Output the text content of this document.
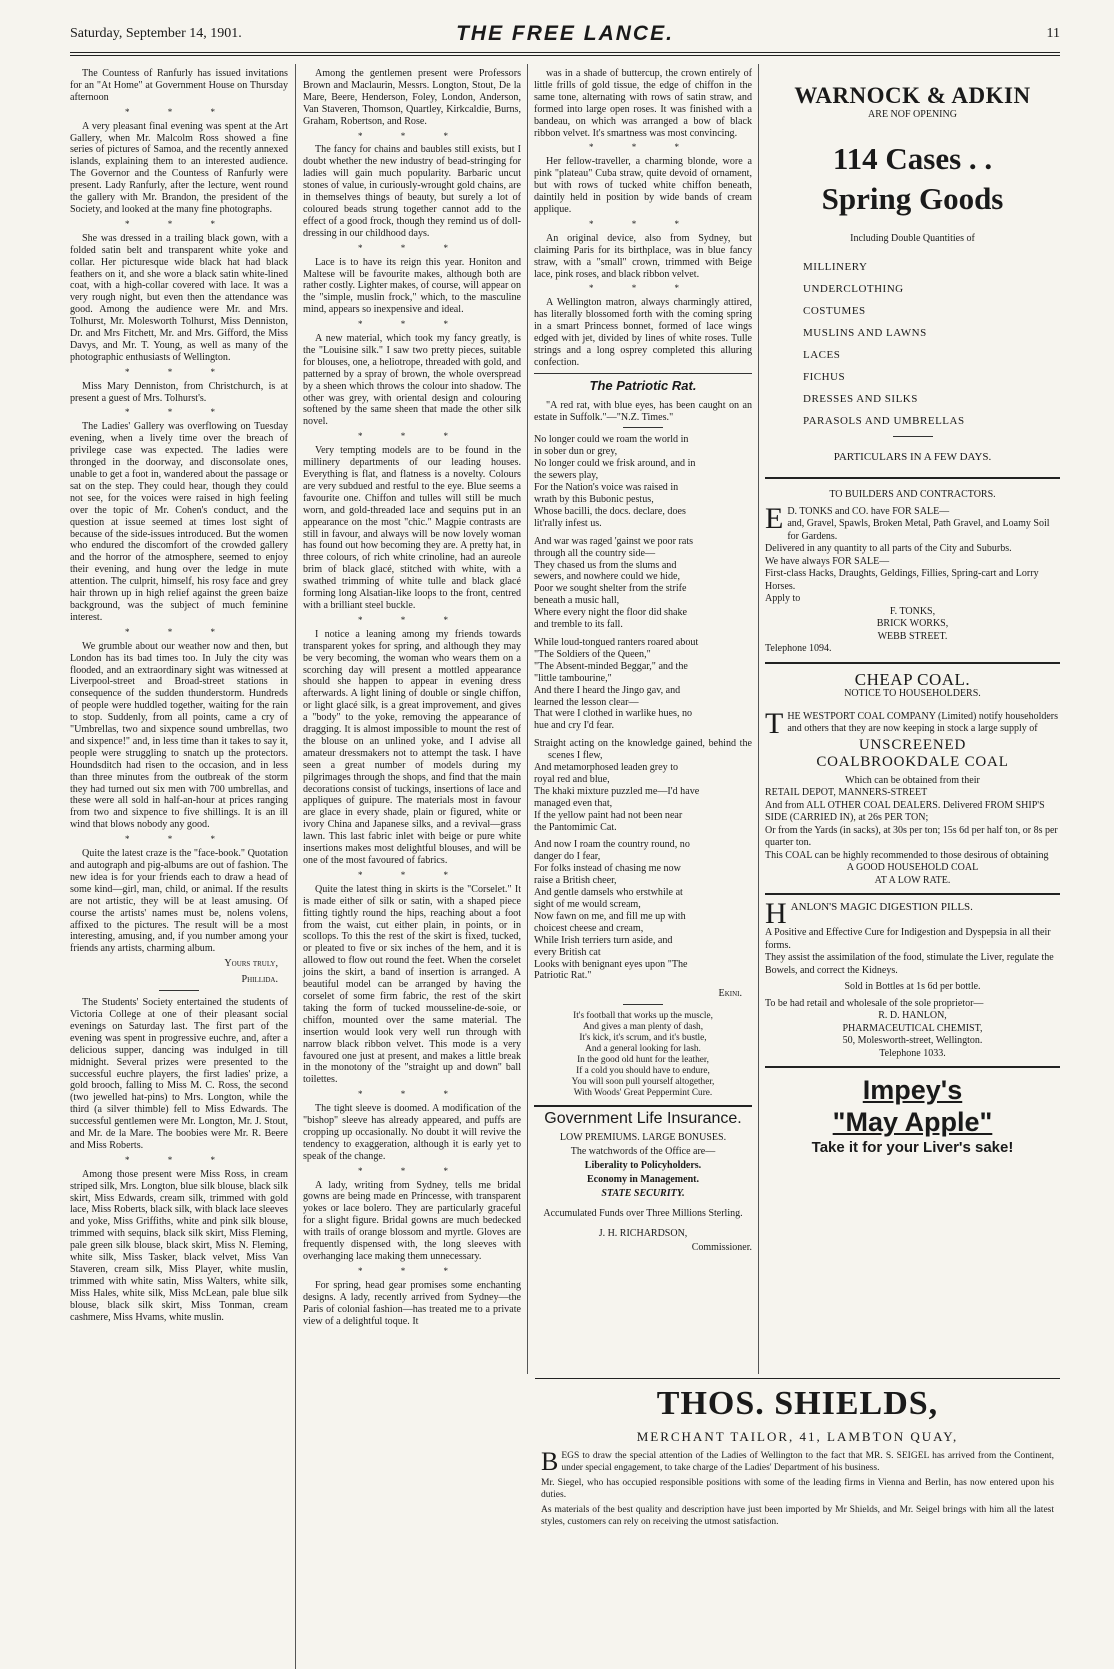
Saturday, September 14, 1901.	THE FREE LANCE.	11

The Countess of Ranfurly has issued invitations for an "At Home" at Government House on Thursday afternoon

* * *

A very pleasant final evening was spent at the Art Gallery, when Mr. Malcolm Ross showed a fine series of pictures of Samoa, and the recently annexed islands, explaining them to an interested audience. The Governor and the Countess of Ranfurly were present. Lady Ranfurly, after the lecture, went round the gallery with Mr. Brandon, the president of the Society, and looked at the many fine photographs.

* * *

She was dressed in a trailing black gown, with a folded satin belt and transparent white yoke and collar. Her picturesque wide black hat had black feathers on it, and she wore a black satin white-lined coat, with a high-collar covered with lace. It was a very rough night, but even then the attendance was good. Among the audience were Mr. and Mrs. Tolhurst, Mr. Molesworth Tolhurst, Miss Denniston, Dr. and Mrs Fitchett, Mr. and Mrs. Gifford, the Miss Davys, and Mr. T. Young, as well as many of the photographic enthusiasts of Wellington.

* * *

Miss Mary Denniston, from Christchurch, is at present a guest of Mrs. Tolhurst's.

* * *

The Ladies' Gallery was overflowing on Tuesday evening, when a lively time over the breach of privilege case was expected. The ladies were thronged in the doorway, and disconsolate ones, unable to get a foot in, wandered about the passage or sat on the step. They could hear, though they could not see, for the voices were raised in high feeling over the topic of Mr. Cohen's conduct, and the question at issue seemed at times lost sight of because of the side-issues introduced. But the women who endured the discomfort of the crowded gallery and the horror of the atmosphere, seemed to enjoy their evening, and hung over the ledge in mute attention. The culprit, himself, his rosy face and grey hair thrown up in high relief against the green baize background, was the subject of much feminine interest.

* * *

We grumble about our weather now and then, but London has its bad times too. In July the city was flooded, and an extraordinary sight was witnessed at Liverpool-street and Broad-street stations in consequence of the sudden thunderstorm. Hundreds of people were huddled together, waiting for the rain to stop. Suddenly, from all points, came a cry of "Umbrellas, two and sixpence sound umbrellas, two and sixpence!" and, in less time than it takes to say it, people were struggling to snatch up the protectors. Houndsditch had risen to the occasion, and in less than three minutes from the outbreak of the storm they had turned out six men with 700 umbrellas, and these were all sold in half-an-hour at prices ranging from two and sixpence to five shillings. It is an ill wind that blows nobody any good.

* * *

Quite the latest craze is the "face-book." Quotation and autograph and pig-albums are out of fashion. The new idea is for your friends each to draw a head of some kind—girl, man, child, or animal. If the results are not artistic, they will be at least amusing. Of course the artists' names must be, nolens volens, affixed to the pictures. The result will be a most interesting, amusing, and, if you number among your friends any artists, charming album.

Yours truly,
Phillida.

The Students' Society entertained the students of Victoria College at one of their pleasant social evenings on Saturday last. The first part of the evening was spent in progressive euchre, and, after a delicious supper, dancing was indulged in till midnight. Several prizes were presented to the successful euchre players, the first ladies' prize, a gold brooch, falling to Miss M. C. Ross, the second (two jewelled hat-pins) to Mrs. Longton, while the third (a silver thimble) fell to Miss Edwards. The successful gentlemen were Mr. Longton, Mr. J. Stout, and Mr. de la Mare. The boobies were Mr. R. Beere and Miss Roberts.

* * *

Among those present were Miss Ross, in cream striped silk, Mrs. Longton, blue silk blouse, black silk skirt, Miss Edwards, cream silk, trimmed with gold lace, Miss Roberts, black silk, with black lace sleeves and yoke, Miss Griffiths, white and pink silk blouse, trimmed with sequins, black silk skirt, Miss Fleming, pale green silk blouse, black skirt, Miss N. Fleming, white silk, Miss Tasker, black velvet, Miss Van Staveren, cream silk, Miss Player, white muslin, trimmed with white satin, Miss Walters, white silk, Miss Hales, white silk, Miss McLean, pale blue silk blouse, black silk skirt, Miss Tonman, cream cashmere, Miss Hvams, white muslin.

Among the gentlemen present were Professors Brown and Maclaurin, Messrs. Longton, Stout, De la Mare, Beere, Henderson, Foley, London, Anderson, Van Staveren, Thomson, Quartley, Kirkcaldie, Burns, Graham, Robertson, and Rose.

* * *

The fancy for chains and baubles still exists, but I doubt whether the new industry of bead-stringing for ladies will gain much popularity. Barbaric uncut stones of value, in curiously-wrought gold chains, are in themselves things of beauty, but surely a lot of coloured beads strung together cannot add to the effect of a good frock, though they remind us of doll-dressing in our childhood days.

* * *

Lace is to have its reign this year. Honiton and Maltese will be favourite makes, although both are rather costly. Lighter makes, of course, will appear on the "simple, muslin frock," which, to the masculine mind, appears so inexpensive and ideal.

* * *

A new material, which took my fancy greatly, is the "Louisine silk." I saw two pretty pieces, suitable for blouses, one, a heliotrope, threaded with gold, and patterned by a spray of brown, the whole overspread by a sheen which throws the colour into shadow. The other was grey, with oriental design and colouring softened by the same sheen that made the other silk novel.

* * *

Very tempting models are to be found in the millinery departments of our leading houses. Everything is flat, and flatness is a novelty. Colours are very subdued and restful to the eye. Blue seems a favourite one. Chiffon and tulles will still be much worn, and gold-threaded lace and sequins put in an appearance on the most "chic." Magpie contrasts are still in favour, and always will be now lovely woman has found out how becoming they are. A pretty hat, in three colours, of rich white crinoline, had an aureole brim of black glacé, stitched with white, with a swathed trimming of white tulle and black glacé forming long Alsatian-like loops to the front, centred with a brilliant steel buckle.

* * *

I notice a leaning among my friends towards transparent yokes for spring, and although they may be very becoming, the woman who wears them on a scorching day will present a mottled appearance should she happen to appear in evening dress afterwards. A light lining of double or single chiffon, or light glacé silk, is a great improvement, and gives a "body" to the yoke, removing the appearance of dragging. It is almost impossible to mount the rest of the blouse on an unlined yoke, and I advise all amateur dressmakers not to attempt the task. I have seen a great number of models during my pilgrimages through the shops, and find that the main decorations consist of tuckings, insertions of lace and appliques of guipure. The materials most in favour are glace in every shade, plain or figured, white or ivory China and Japanese silks, and a revival—grass lawn. This last fabric inlet with beige or pure white insertions makes most delightful blouses, and will be one of the most favoured of fabrics.

* * *

Quite the latest thing in skirts is the "Corselet." It is made either of silk or satin, with a shaped piece fitting tightly round the hips, reaching about a foot from the waist, cut either plain, in points, or in scollops. To this the rest of the skirt is fixed, tucked, or pleated to five or six inches of the hem, and it is allowed to flow out round the feet. When the corselet joins the skirt, a band of insertion is arranged. A beautiful model can be arranged by having the corselet of some firm fabric, the rest of the skirt taking the form of tucked mousseline-de-soie, or chiffon, mounted over the same material. The insertion would look very well run through with narrow black ribbon velvet. This mode is a very favoured one just at present, and makes a little break in the monotony of the "straight up and down" ball toilettes.

* * *

The tight sleeve is doomed. A modification of the "bishop" sleeve has already appeared, and puffs are cropping up occasionally. No doubt it will revive the tendency to exaggeration, although it is early yet to speak of the change.

* * *

A lady, writing from Sydney, tells me bridal gowns are being made en Princesse, with transparent yokes or lace bolero. They are particularly graceful for a slight figure. Bridal gowns are much bedecked with trails of orange blossom and myrtle. Gloves are frequently dispensed with, the long sleeves with overhanging lace making them unnecessary.

* * *

For spring, head gear promises some enchanting designs. A lady, recently arrived from Sydney—the Paris of colonial fashion—has treated me to a private view of a delightful toque. It

was in a shade of buttercup, the crown entirely of little frills of gold tissue, the edge of chiffon in the same tone, alternating with rows of satin straw, and formed into large open roses. It was finished with a bandeau, on which was arranged a bow of black ribbon velvet. It's smartness was most convincing.

* * *

Her fellow-traveller, a charming blonde, wore a pink "plateau" Cuba straw, quite devoid of ornament, but with rows of tucked white chiffon beneath, daintily held in position by wide bands of cream applique.

* * *

An original device, also from Sydney, but claiming Paris for its birthplace, was in blue fancy straw, with a "small" crown, trimmed with Beige lace, pink roses, and black ribbon velvet.

* * *

A Wellington matron, always charmingly attired, has literally blossomed forth with the coming spring in a smart Princess bonnet, formed of lace wings edged with jet, divided by lines of white roses. Tulle strings and a long osprey completed this alluring confection.

The Patriotic Rat.

"A red rat, with blue eyes, has been caught on an estate in Suffolk."—"N.Z. Times."

No longer could we roam the world in
in sober dun or grey,
No longer could we frisk around, and in
the sewers play,
For the Nation's voice was raised in
wrath by this Bubonic pestus,
Whose bacilli, the docs. declare, does
lit'rally infest us.
And war was raged 'gainst we poor rats
through all the country side—
They chased us from the slums and
sewers, and nowhere could we hide,
Poor we sought shelter from the strife
beneath a music hall,
Where every night the floor did shake
and tremble to its fall.
While loud-tongued ranters roared about
"The Soldiers of the Queen,"
"The Absent-minded Beggar," and the
"little tambourine,"
And there I heard the Jingo gav, and
learned the lesson clear—
That were I clothed in warlike hues, no
hue and cry I'd fear.
Straight acting on the knowledge gained, behind the scenes I flew,
And metamorphosed leaden grey to
royal red and blue,
The khaki mixture puzzled me—I'd have
managed even that,
If the yellow paint had not been near
the Pantomimic Cat.
And now I roam the country round, no
danger do I fear,
For folks instead of chasing me now
raise a British cheer,
And gentle damsels who erstwhile at
sight of me would scream,
Now fawn on me, and fill me up with
choicest cheese and cream,
While Irish terriers turn aside, and
every British cat
Looks with benignant eyes upon "The
Patriotic Rat."
Ekini.
It's football that works up the muscle,
And gives a man plenty of dash,
It's kick, it's scrum, and it's bustle,
And a general looking for lash.
In the good old hunt for the leather,
If a cold you should have to endure,
You will soon pull yourself altogether,
With Woods' Great Peppermint Cure.
Government Life Insurance.
LOW PREMIUMS. LARGE BONUSES.
The watchwords of the Office are—
Liberality to Policyholders.
Economy in Management.
STATE SECURITY.
Accumulated Funds over Three Millions Sterling.
J. H. RICHARDSON,
Commissioner.
WARNOCK & ADKIN
ARE NOF OPENING
114 Cases . .
Spring Goods
Including Double Quantities of
MILLINERY
UNDERCLOTHING
COSTUMES
MUSLINS AND LAWNS
LACES
FICHUS
DRESSES AND SILKS
PARASOLS AND UMBRELLAS
PARTICULARS IN A FEW DAYS.
TO BUILDERS AND CONTRACTORS.
E D. TONKS and CO. have FOR SALE—
and, Gravel, Spawls, Broken Metal, Path Gravel, and Loamy Soil for Gardens.
Delivered in any quantity to all parts of the City and Suburbs.
We have always FOR SALE—
First-class Hacks, Draughts, Geldings, Fillies, Spring-cart and Lorry Horses.
Apply to
F. TONKS,
BRICK WORKS,
WEBB STREET.
Telephone 1094.
CHEAP COAL.
NOTICE TO HOUSEHOLDERS.
T HE WESTPORT COAL COMPANY (Limited) notify householders and others that they are now keeping in stock a large supply of
UNSCREENED
COALBROOKDALE COAL
Which can be obtained from their
RETAIL DEPOT, MANNERS-STREET
And from ALL OTHER COAL DEALERS. Delivered FROM SHIP'S SIDE (CARRIED IN), at 26s PER TON;
Or from the Yards (in sacks), at 30s per ton; 15s 6d per half ton, or 8s per quarter ton.
This COAL can be highly recommended to those desirous of obtaining
A GOOD HOUSEHOLD COAL
AT A LOW RATE.
H ANLON'S MAGIC DIGESTION PILLS.
A Positive and Effective Cure for Indigestion and Dyspepsia in all their forms.
They assist the assimilation of the food, stimulate the Liver, regulate the Bowels, and correct the Kidneys.
Sold in Bottles at 1s 6d per bottle.
To be had retail and wholesale of the sole proprietor—
R. D. HANLON,
PHARMACEUTICAL CHEMIST,
50, Molesworth-street, Wellington.
Telephone 1033.
Impey's
"May Apple"
Take it for your Liver's sake!
THOS. SHIELDS,
MERCHANT TAILOR, 41, LAMBTON QUAY,
BEGS to draw the special attention of the Ladies of Wellington to the fact that MR. S. SEIGEL has arrived from the Continent, under special engagement, to take charge of the Ladies' Department of his business.
Mr. Siegel, who has occupied responsible positions with some of the leading firms in Vienna and Berlin, has now entered upon his duties.
As materials of the best quality and description have just been imported by Mr Shields, and Mr. Seigel brings with him all the latest styles, customers can rely on receiving the utmost satisfaction.
